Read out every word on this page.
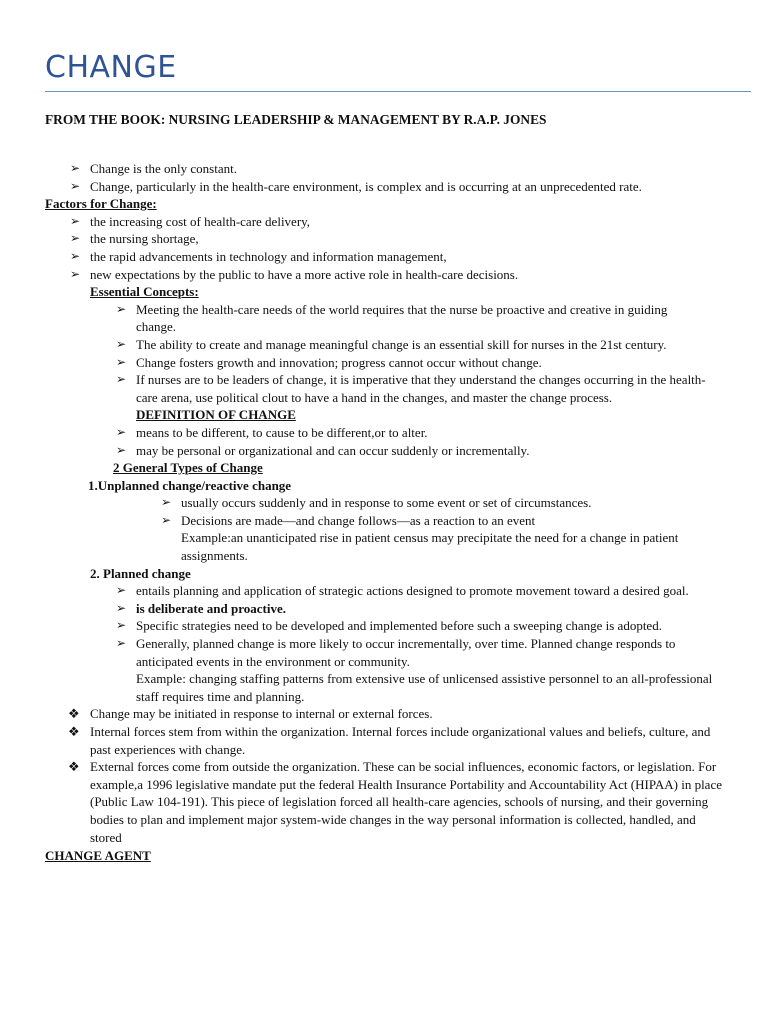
CHANGE
FROM THE BOOK: NURSING LEADERSHIP & MANAGEMENT BY R.A.P. JONES
➢ Change is the only constant.
➢ Change, particularly in the health-care environment, is complex and is occurring at an unprecedented rate.
Factors for Change:
➢ the increasing cost of health-care delivery,
➢ the nursing shortage,
➢ the rapid advancements in technology and information management,
➢ new expectations by the public to have a more active role in health-care decisions.
Essential Concepts:
➢ Meeting the health-care needs of the world requires that the nurse be proactive and creative in guiding change.
➢ The ability to create and manage meaningful change is an essential skill for nurses in the 21st century.
➢ Change fosters growth and innovation; progress cannot occur without change.
➢ If nurses are to be leaders of change, it is imperative that they understand the changes occurring in the health-care arena, use political clout to have a hand in the changes, and master the change process.
DEFINITION OF CHANGE
➢ means to be different, to cause to be different,or to alter.
➢ may be personal or organizational and can occur suddenly or incrementally.
2 General Types of Change
1.Unplanned change/reactive change
➢ usually occurs suddenly and in response to some event or set of circumstances.
➢ Decisions are made—and change follows—as a reaction to an event
Example:an unanticipated rise in patient census may precipitate the need for a change in patient assignments.
2. Planned change
➢ entails planning and application of strategic actions designed to promote movement toward a desired goal.
➢ is deliberate and proactive.
➢ Specific strategies need to be developed and implemented before such a sweeping change is adopted.
➢ Generally, planned change is more likely to occur incrementally, over time. Planned change responds to anticipated events in the environment or community.
Example: changing staffing patterns from extensive use of unlicensed assistive personnel to an all-professional staff requires time and planning.
❖ Change may be initiated in response to internal or external forces.
❖ Internal forces stem from within the organization. Internal forces include organizational values and beliefs, culture, and past experiences with change.
❖ External forces come from outside the organization. These can be social influences, economic factors, or legislation. For example,a 1996 legislative mandate put the federal Health Insurance Portability and Accountability Act (HIPAA) in place (Public Law 104-191). This piece of legislation forced all health-care agencies, schools of nursing, and their governing bodies to plan and implement major system-wide changes in the way personal information is collected, handled, and stored
CHANGE AGENT
